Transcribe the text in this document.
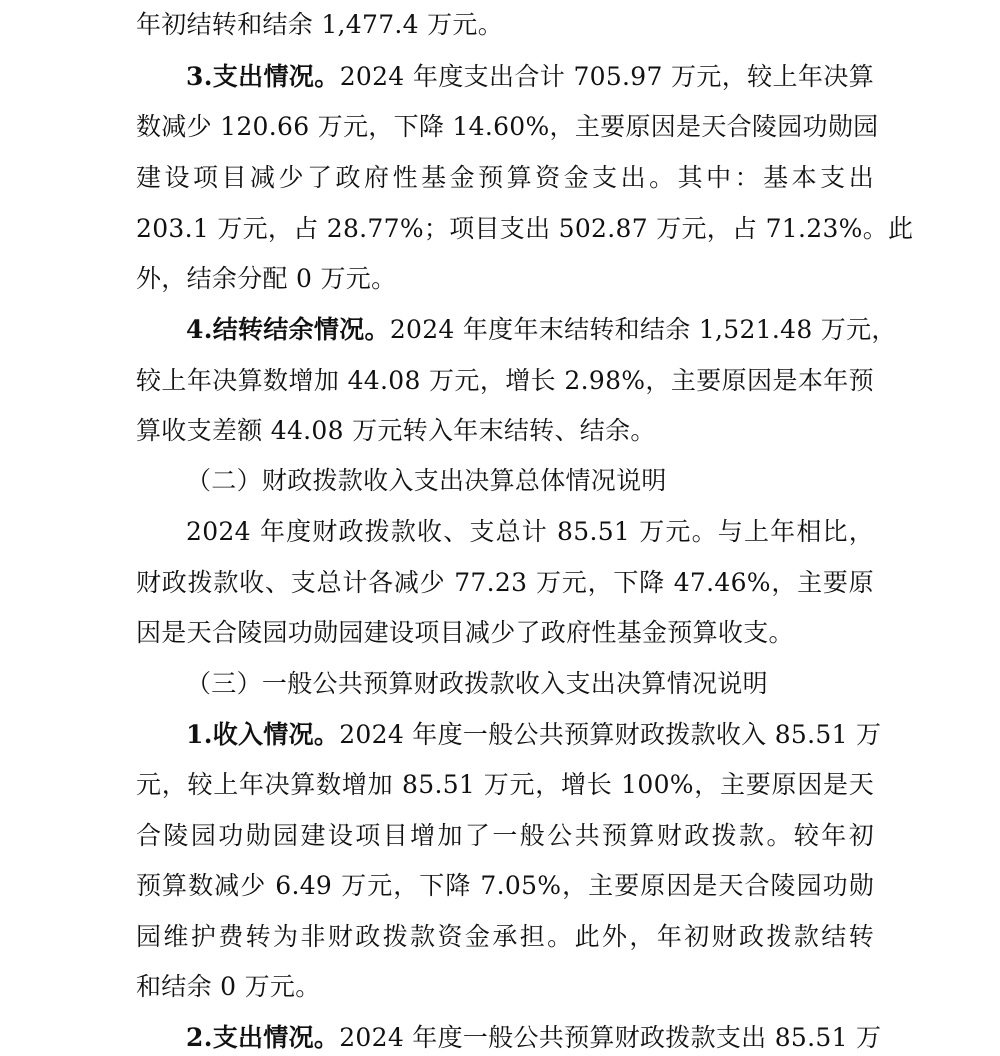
年初结转和结余 1,477.4 万元。

3.支出情况。2024 年度支出合计 705.97 万元，较上年决算

数减少 120.66 万元，下降 14.60%，主要原因是天合陵园功勋园

建设项目减少了政府性基金预算资金支出。其中：基本支出

203.1 万元，占 28.77%；项目支出 502.87 万元，占 71.23%。此

外，结余分配 0 万元。

4.结转结余情况。2024 年度年末结转和结余 1,521.48 万元，

较上年决算数增加 44.08 万元，增长 2.98%，主要原因是本年预

算收支差额 44.08 万元转入年末结转、结余。

（二）财政拨款收入支出决算总体情况说明

2024 年度财政拨款收、支总计 85.51 万元。与上年相比，

财政拨款收、支总计各减少 77.23 万元，下降 47.46%，主要原

因是天合陵园功勋园建设项目减少了政府性基金预算收支。

（三）一般公共预算财政拨款收入支出决算情况说明

1.收入情况。2024 年度一般公共预算财政拨款收入 85.51 万

元，较上年决算数增加 85.51 万元，增长 100%，主要原因是天

合陵园功勋园建设项目增加了一般公共预算财政拨款。较年初

预算数减少 6.49 万元，下降 7.05%，主要原因是天合陵园功勋

园维护费转为非财政拨款资金承担。此外，年初财政拨款结转

和结余 0 万元。

2.支出情况。2024 年度一般公共预算财政拨款支出 85.51 万
